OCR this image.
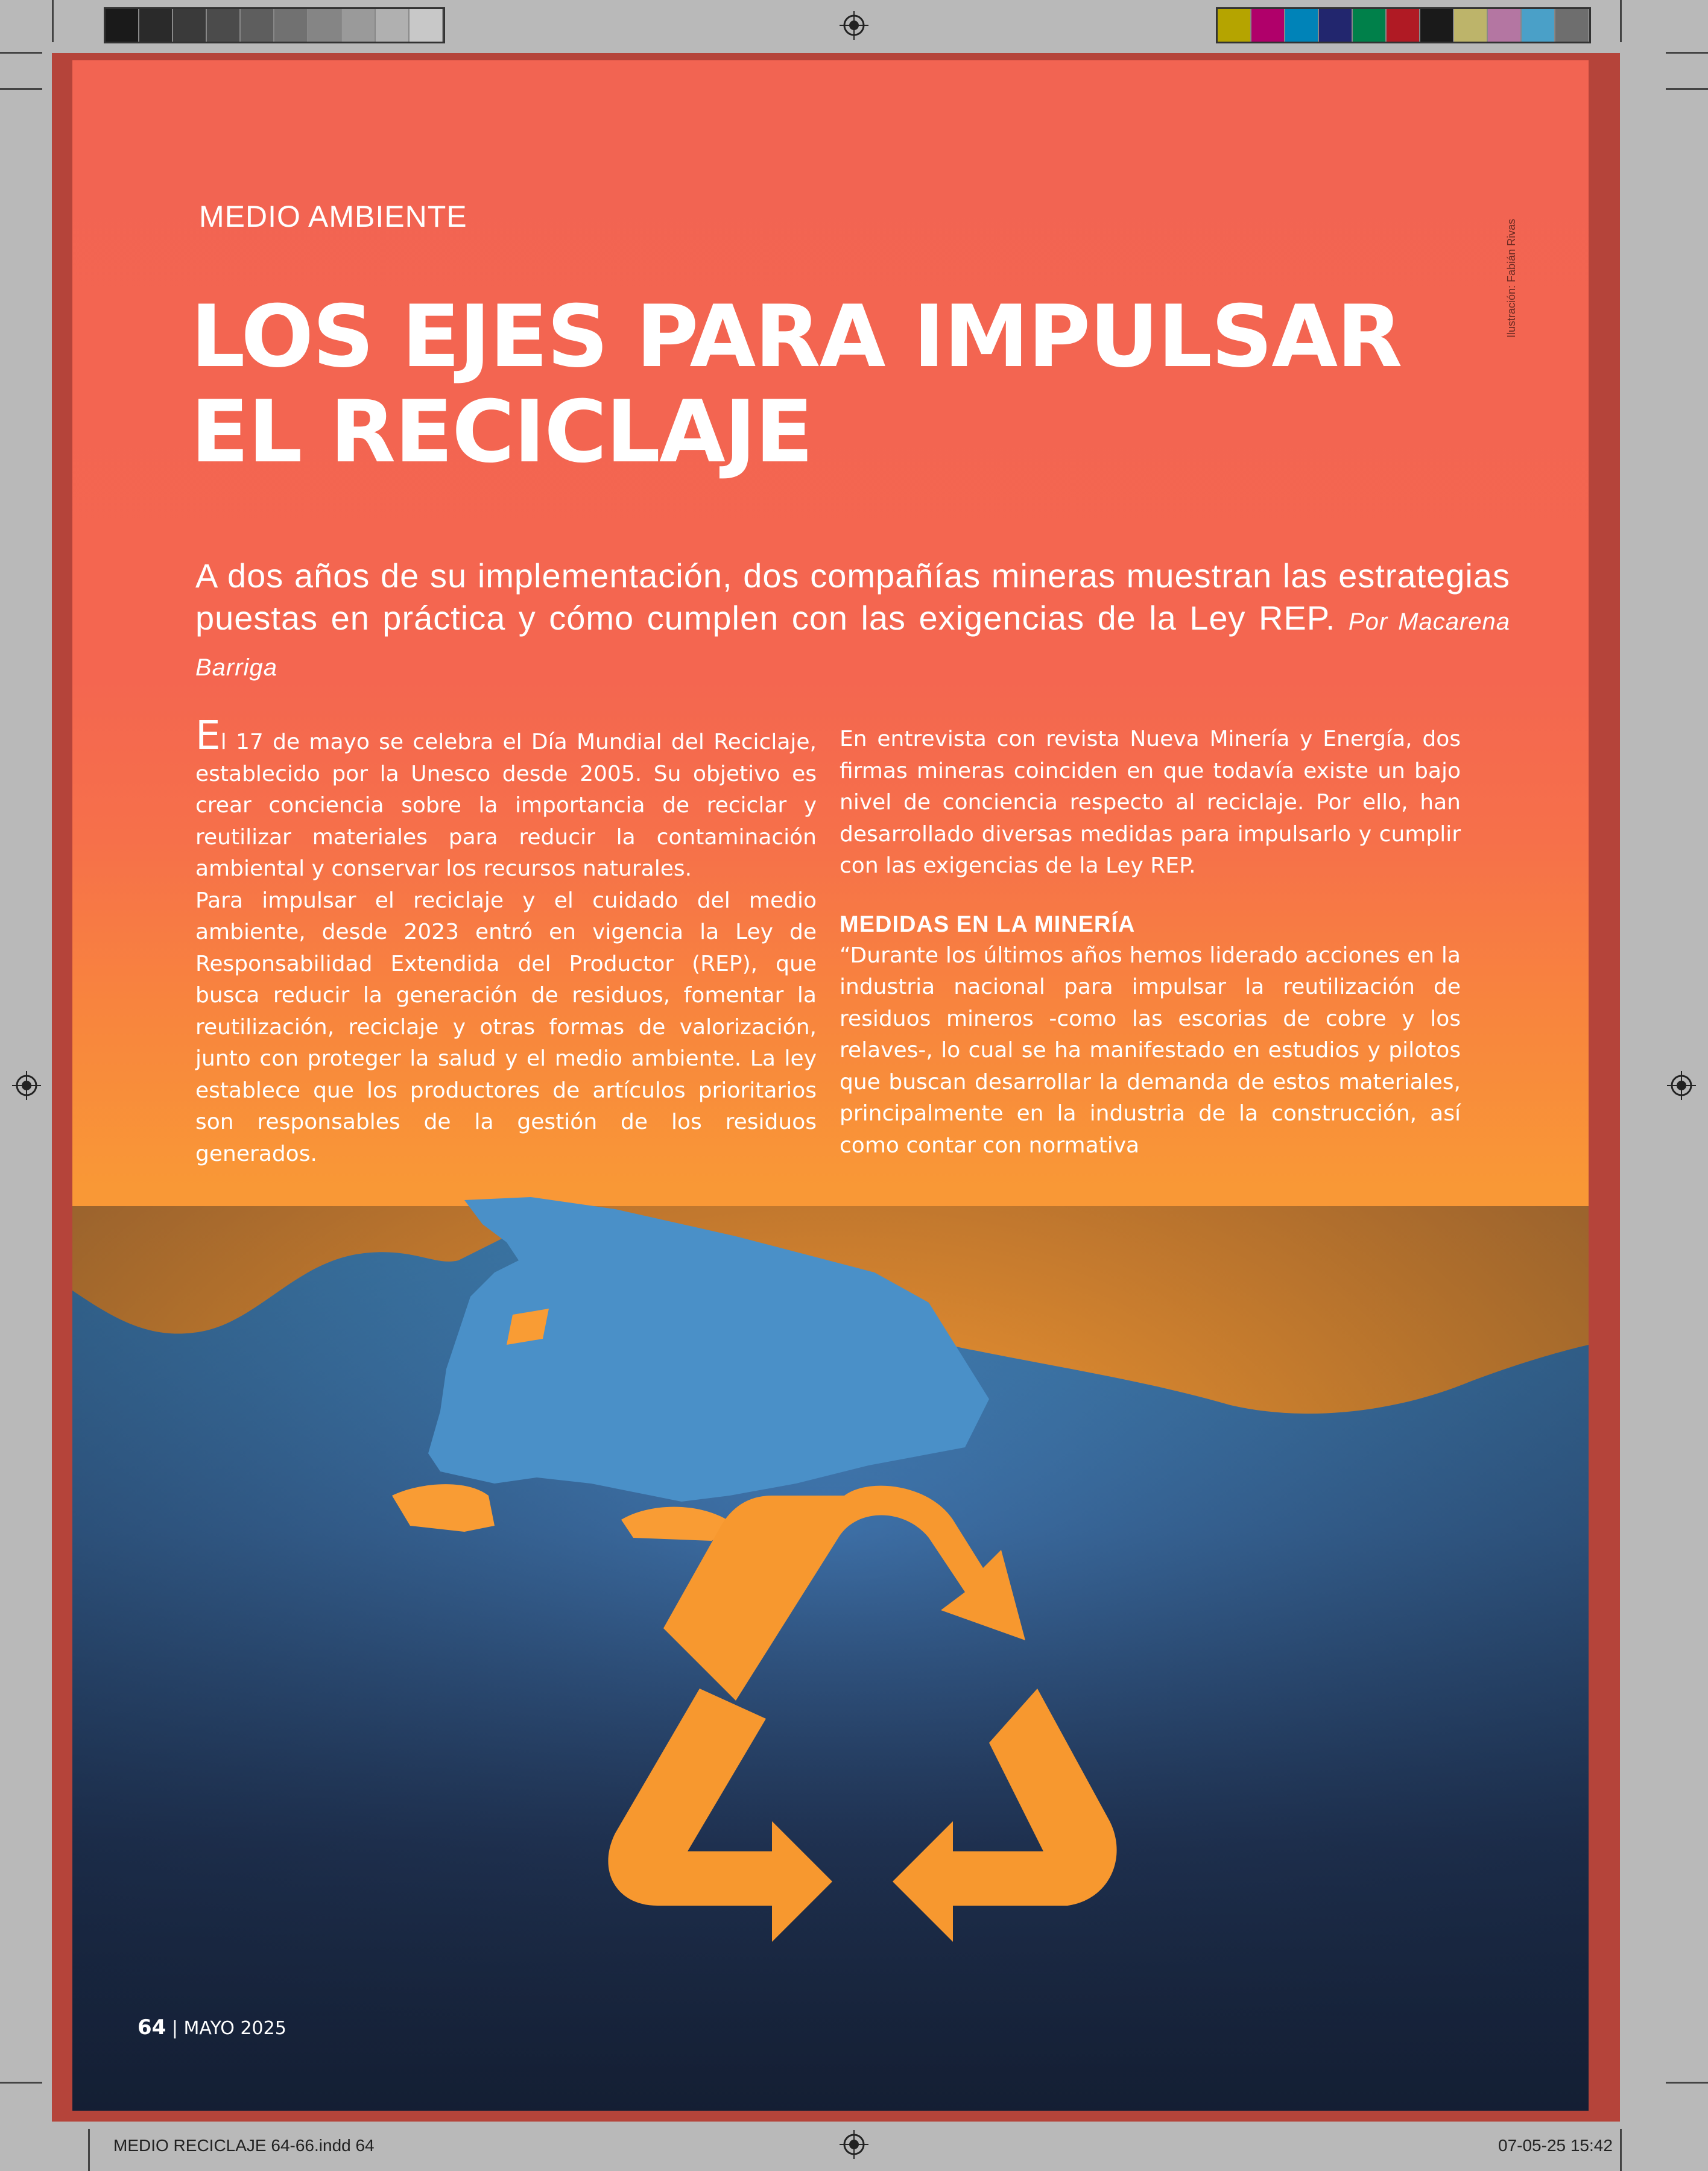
MEDIO AMBIENTE
Ilustración: Fabián Rivas
LOS EJES PARA IMPULSAR
EL RECICLAJE
A dos años de su implementación, dos compañías mineras muestran las estrategias puestas en práctica y cómo cumplen con las exigencias de la Ley REP. Por Macarena Barriga

El 17 de mayo se celebra el Día Mundial del Reciclaje, establecido por la Unesco desde 2005. Su objetivo es crear conciencia sobre la importancia de reciclar y reutilizar materiales para reducir la contaminación ambiental y conservar los recursos naturales.

Para impulsar el reciclaje y el cuidado del medio ambiente, desde 2023 entró en vigencia la Ley de Responsabilidad Extendida del Productor (REP), que busca reducir la generación de residuos, fomentar la reutilización, reciclaje y otras formas de valorización, junto con proteger la salud y el medio ambiente. La ley establece que los productores de artículos prioritarios son responsables de la gestión de los residuos generados.

En entrevista con revista Nueva Minería y Energía, dos firmas mineras coinciden en que todavía existe un bajo nivel de conciencia respecto al reciclaje. Por ello, han desarrollado diversas medidas para impulsarlo y cumplir con las exigencias de la Ley REP.

MEDIDAS EN LA MINERÍA

“Durante los últimos años hemos liderado acciones en la industria nacional para impulsar la reutilización de residuos mineros -como las escorias de cobre y los relaves-, lo cual se ha manifestado en estudios y pilotos que buscan desarrollar la demanda de estos materiales, principalmente en la industria de la construcción, así como contar con normativa

64 | MAYO 2025
MEDIO RECICLAJE 64-66.indd 64	07-05-25 15:42
